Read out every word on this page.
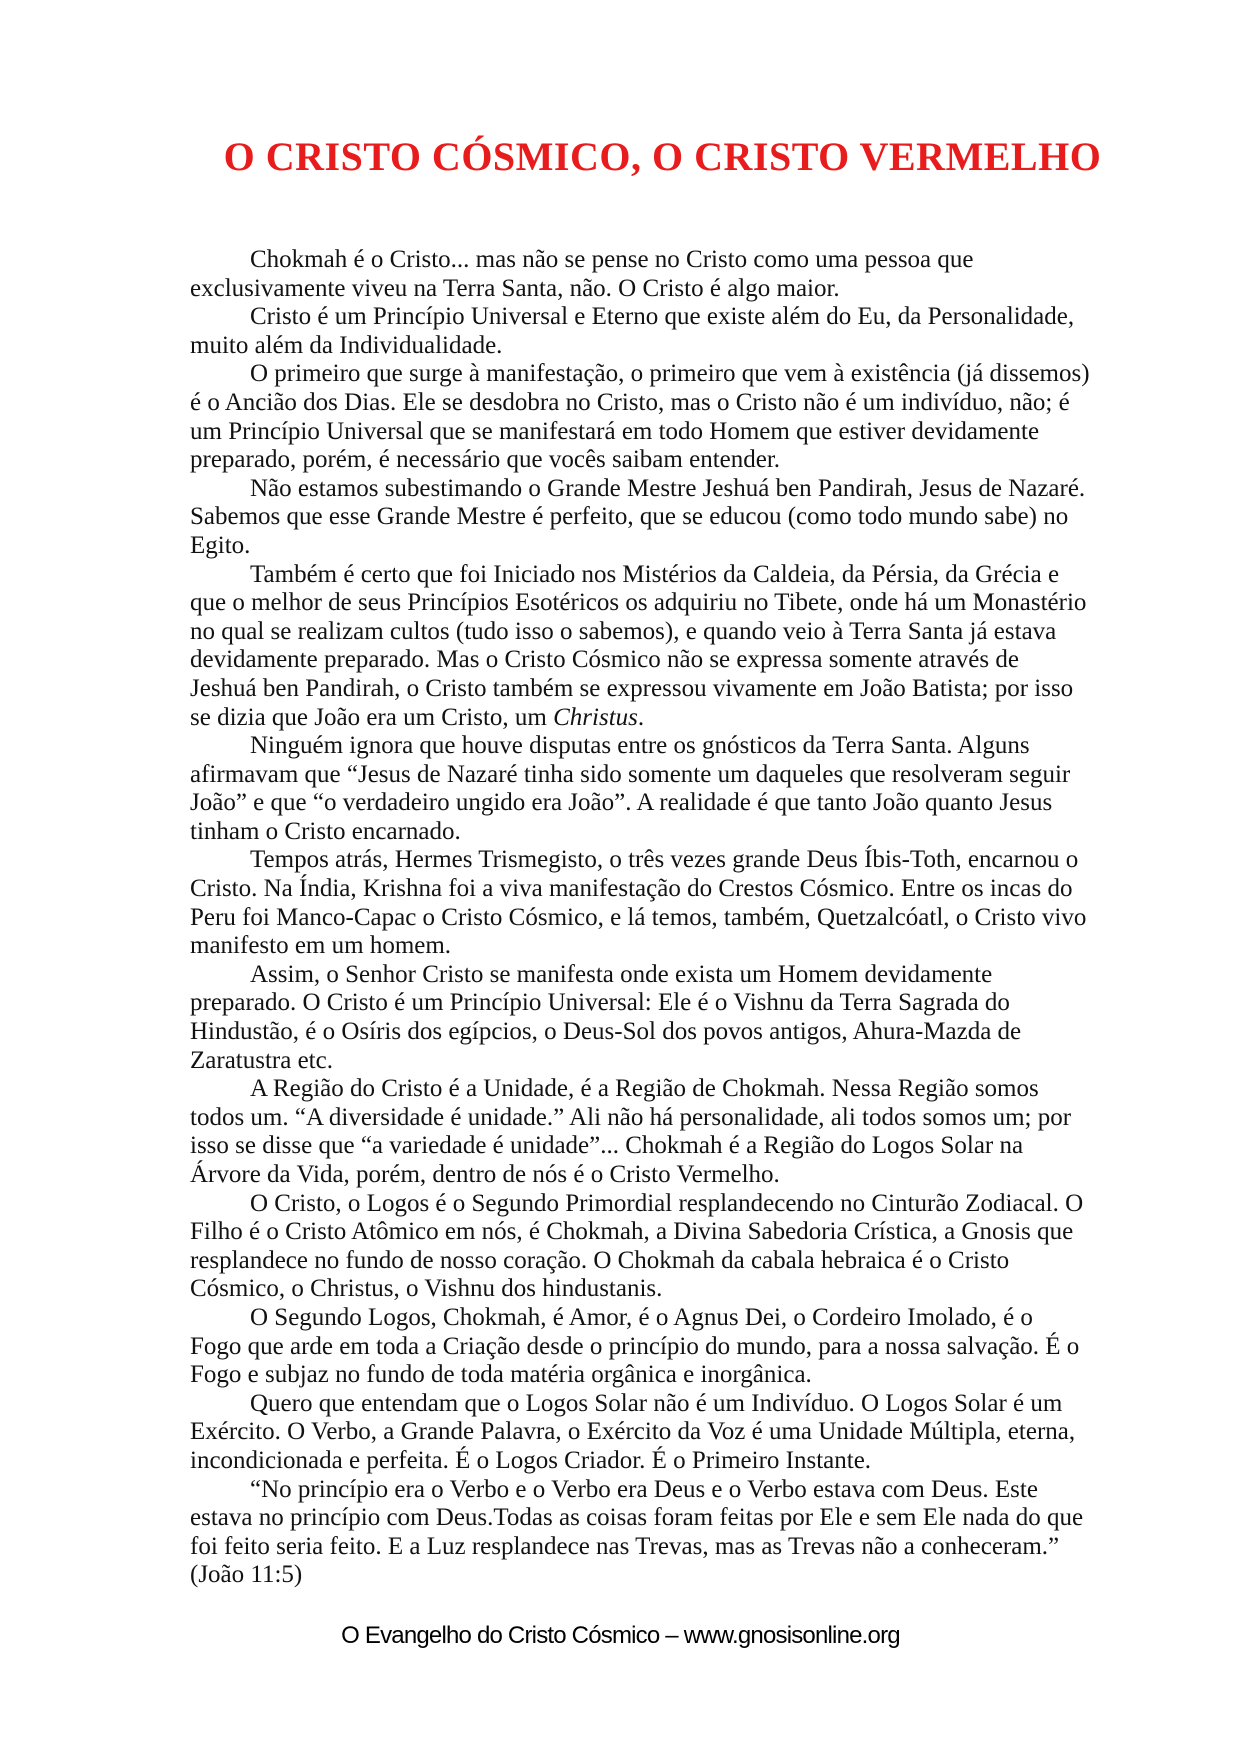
O CRISTO CÓSMICO, O CRISTO VERMELHO

Chokmah é o Cristo... mas não se pense no Cristo como uma pessoa que exclusivamente viveu na Terra Santa, não. O Cristo é algo maior.

Cristo é um Princípio Universal e Eterno que existe além do Eu, da Personalidade, muito além da Individualidade.

O primeiro que surge à manifestação, o primeiro que vem à existência (já dissemos) é o Ancião dos Dias. Ele se desdobra no Cristo, mas o Cristo não é um indivíduo, não; é um Princípio Universal que se manifestará em todo Homem que estiver devidamente preparado, porém, é necessário que vocês saibam entender.

Não estamos subestimando o Grande Mestre Jeshuá ben Pandirah, Jesus de Nazaré. Sabemos que esse Grande Mestre é perfeito, que se educou (como todo mundo sabe) no Egito.

Também é certo que foi Iniciado nos Mistérios da Caldeia, da Pérsia, da Grécia e que o melhor de seus Princípios Esotéricos os adquiriu no Tibete, onde há um Monastério no qual se realizam cultos (tudo isso o sabemos), e quando veio à Terra Santa já estava devidamente preparado. Mas o Cristo Cósmico não se expressa somente através de Jeshuá ben Pandirah, o Cristo também se expressou vivamente em João Batista; por isso se dizia que João era um Cristo, um Christus.

Ninguém ignora que houve disputas entre os gnósticos da Terra Santa. Alguns afirmavam que “Jesus de Nazaré tinha sido somente um daqueles que resolveram seguir João” e que “o verdadeiro ungido era João”. A realidade é que tanto João quanto Jesus tinham o Cristo encarnado.

Tempos atrás, Hermes Trismegisto, o três vezes grande Deus Íbis-Toth, encarnou o Cristo. Na Índia, Krishna foi a viva manifestação do Crestos Cósmico. Entre os incas do Peru foi Manco-Capac o Cristo Cósmico, e lá temos, também, Quetzalcóatl, o Cristo vivo manifesto em um homem.

Assim, o Senhor Cristo se manifesta onde exista um Homem devidamente preparado. O Cristo é um Princípio Universal: Ele é o Vishnu da Terra Sagrada do Hindustão, é o Osíris dos egípcios, o Deus-Sol dos povos antigos, Ahura-Mazda de Zaratustra etc.

A Região do Cristo é a Unidade, é a Região de Chokmah. Nessa Região somos todos um. “A diversidade é unidade.” Ali não há personalidade, ali todos somos um; por isso se disse que “a variedade é unidade”... Chokmah é a Região do Logos Solar na Árvore da Vida, porém, dentro de nós é o Cristo Vermelho.

O Cristo, o Logos é o Segundo Primordial resplandecendo no Cinturão Zodiacal. O Filho é o Cristo Atômico em nós, é Chokmah, a Divina Sabedoria Crística, a Gnosis que resplandece no fundo de nosso coração. O Chokmah da cabala hebraica é o Cristo Cósmico, o Christus, o Vishnu dos hindustanis.

O Segundo Logos, Chokmah, é Amor, é o Agnus Dei, o Cordeiro Imolado, é o Fogo que arde em toda a Criação desde o princípio do mundo, para a nossa salvação. É o Fogo e subjaz no fundo de toda matéria orgânica e inorgânica.

Quero que entendam que o Logos Solar não é um Indivíduo. O Logos Solar é um Exército. O Verbo, a Grande Palavra, o Exército da Voz é uma Unidade Múltipla, eterna, incondicionada e perfeita. É o Logos Criador. É o Primeiro Instante.

“No princípio era o Verbo e o Verbo era Deus e o Verbo estava com Deus. Este estava no princípio com Deus.Todas as coisas foram feitas por Ele e sem Ele nada do que foi feito seria feito. E a Luz resplandece nas Trevas, mas as Trevas não a conheceram.” (João 11:5)

O Evangelho do Cristo Cósmico – www.gnosisonline.org
